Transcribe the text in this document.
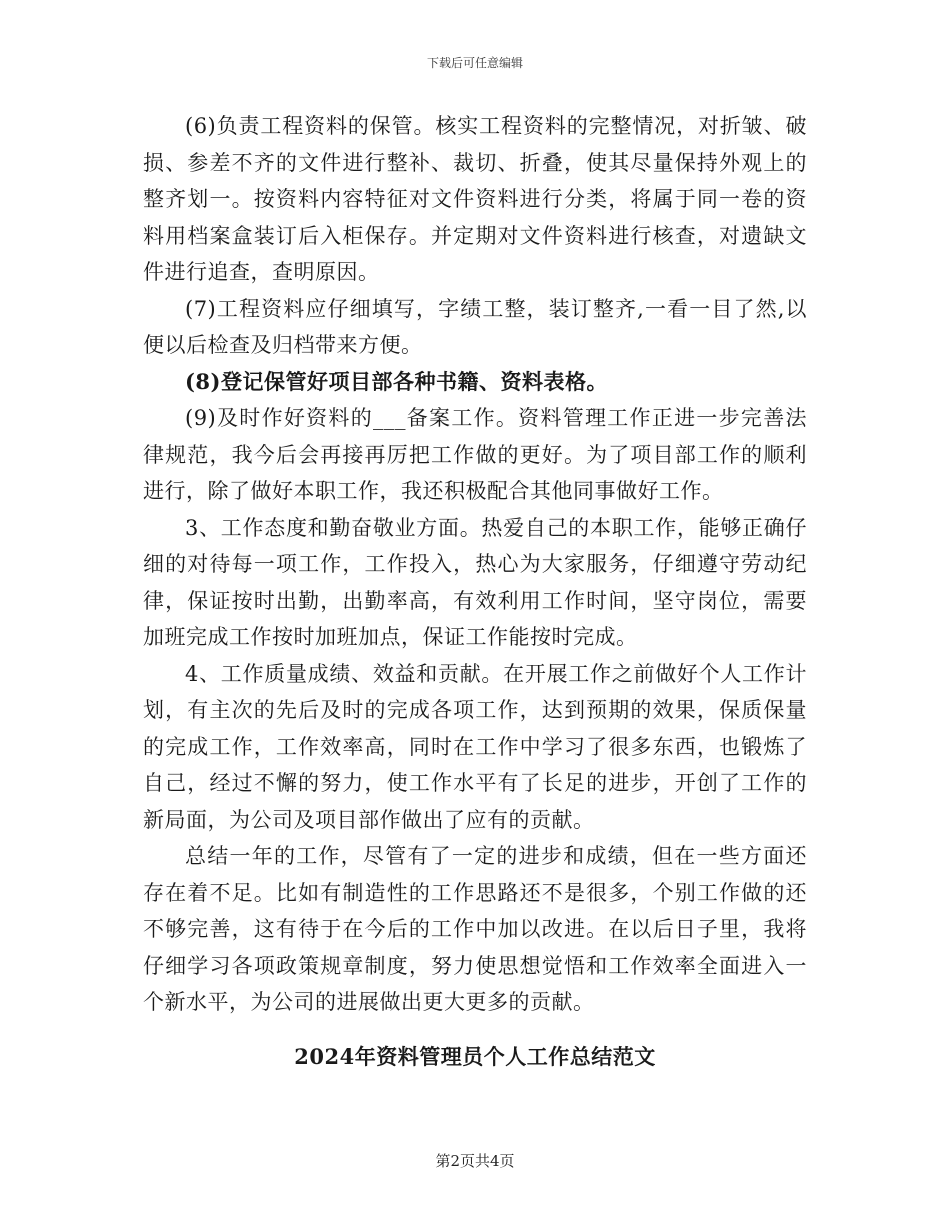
下载后可任意编辑

(6)负责工程资料的保管。核实工程资料的完整情况，对折皱、破损、参差不齐的文件进行整补、裁切、折叠，使其尽量保持外观上的整齐划一。按资料内容特征对文件资料进行分类，将属于同一卷的资料用档案盒装订后入柜保存。并定期对文件资料进行核查，对遗缺文件进行追查，查明原因。

(7)工程资料应仔细填写，字绩工整，装订整齐,一看一目了然,以便以后检查及归档带来方便。

(8)登记保管好项目部各种书籍、资料表格。

(9)及时作好资料的___备案工作。资料管理工作正进一步完善法律规范，我今后会再接再厉把工作做的更好。为了项目部工作的顺利进行，除了做好本职工作，我还积极配合其他同事做好工作。

3、工作态度和勤奋敬业方面。热爱自己的本职工作，能够正确仔细的对待每一项工作，工作投入，热心为大家服务，仔细遵守劳动纪律，保证按时出勤，出勤率高，有效利用工作时间，坚守岗位，需要加班完成工作按时加班加点，保证工作能按时完成。

4、工作质量成绩、效益和贡献。在开展工作之前做好个人工作计划，有主次的先后及时的完成各项工作，达到预期的效果，保质保量的完成工作，工作效率高，同时在工作中学习了很多东西，也锻炼了自己，经过不懈的努力，使工作水平有了长足的进步，开创了工作的新局面，为公司及项目部作做出了应有的贡献。

总结一年的工作，尽管有了一定的进步和成绩，但在一些方面还存在着不足。比如有制造性的工作思路还不是很多，个别工作做的还不够完善，这有待于在今后的工作中加以改进。在以后日子里，我将仔细学习各项政策规章制度，努力使思想觉悟和工作效率全面进入一个新水平，为公司的进展做出更大更多的贡献。

2024年资料管理员个人工作总结范文
第2页共4页
